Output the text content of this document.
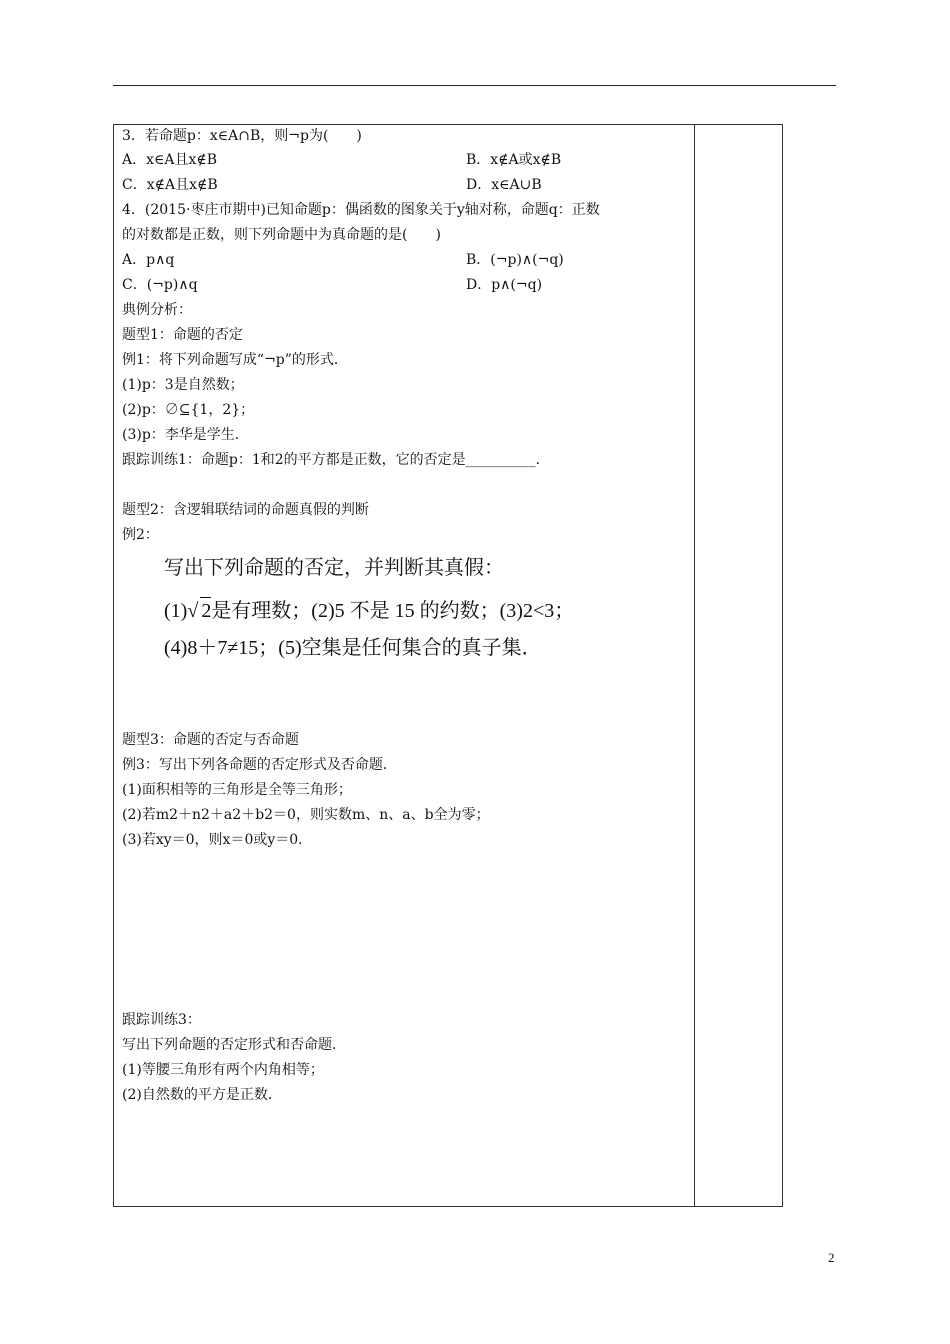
3．若命题p：x∈A∩B，则¬p为(　　)
A．x∈A且x∉B	B．x∉A或x∉B
C．x∉A且x∉B	D．x∈A∪B
4．(2015·枣庄市期中)已知命题p：偶函数的图象关于y轴对称，命题q：正数
的对数都是正数，则下列命题中为真命题的是(　　)
A．p∧q	B．(¬p)∧(¬q)
C．(¬p)∧q	D．p∧(¬q)
典例分析：
题型1：命题的否定
例1：将下列命题写成“¬p”的形式．
(1)p：3是自然数；
(2)p：∅⊆{1，2}；
(3)p：李华是学生．
跟踪训练1：命题p：1和2的平方都是正数，它的否定是__________．
题型2：含逻辑联结词的命题真假的判断
例2：
写出下列命题的否定，并判断其真假：
(1)√ 2是有理数；(2)5 不是 15 的约数；(3)2<3；
(4)8＋7≠15；(5)空集是任何集合的真子集．
题型3：命题的否定与否命题
例3：写出下列各命题的否定形式及否命题．
(1)面积相等的三角形是全等三角形；
(2)若m2＋n2＋a2＋b2＝0，则实数m、n、a、b全为零；
(3)若xy＝0，则x＝0或y＝0．
跟踪训练3：
写出下列命题的否定形式和否命题．
(1)等腰三角形有两个内角相等；
(2)自然数的平方是正数．
2
